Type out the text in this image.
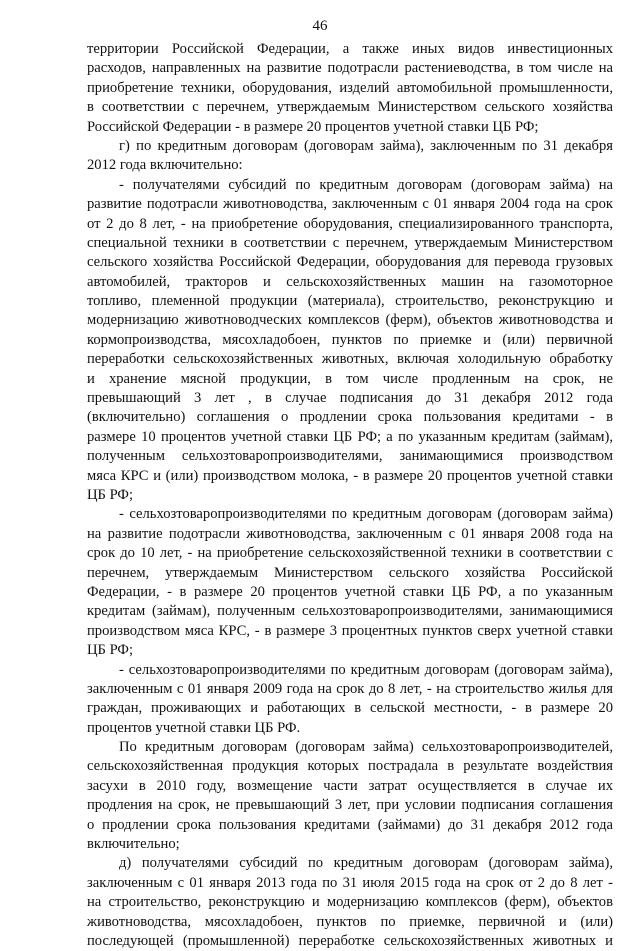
46
территории Российской Федерации, а также иных видов инвестиционных
расходов, направленных на развитие подотрасли растениеводства, в том числе на
приобретение техники, оборудования, изделий автомобильной промышленности,
в соответствии с перечнем, утверждаемым Министерством сельского хозяйства
Российской Федерации - в размере 20 процентов учетной ставки ЦБ РФ;
г) по кредитным договорам (договорам займа), заключенным по 31 декабря
2012 года включительно:
- получателями субсидий по кредитным договорам (договорам займа) на
развитие подотрасли животноводства, заключенным с 01 января 2004 года на срок
от 2 до 8 лет, - на приобретение оборудования, специализированного транспорта,
специальной техники в соответствии с перечнем, утверждаемым Министерством
сельского хозяйства Российской Федерации, оборудования для перевода грузовых
автомобилей, тракторов и сельскохозяйственных машин на газомоторное
топливо, племенной продукции (материала), строительство, реконструкцию и
модернизацию животноводческих комплексов (ферм), объектов животноводства и
кормопроизводства, мясохладобоен, пунктов по приемке и (или) первичной
переработки сельскохозяйственных животных, включая холодильную обработку
и хранение мясной продукции, в том числе продленным на срок, не
превышающий 3 лет , в случае подписания до 31 декабря 2012 года
(включительно) соглашения о продлении срока пользования кредитами - в
размере 10 процентов учетной ставки ЦБ РФ; а по указанным кредитам (займам),
полученным сельхозтоваропроизводителями, занимающимися производством
мяса КРС и (или) производством молока, - в размере 20 процентов учетной ставки
ЦБ РФ;
- сельхозтоваропроизводителями по кредитным договорам (договорам займа)
на развитие подотрасли животноводства, заключенным с 01 января 2008 года на
срок до 10 лет, - на приобретение сельскохозяйственной техники в соответствии с
перечнем, утверждаемым Министерством сельского хозяйства Российской
Федерации, - в размере 20 процентов учетной ставки ЦБ РФ, а по указанным
кредитам (займам), полученным сельхозтоваропроизводителями, занимающимися
производством мяса КРС, - в размере 3 процентных пунктов сверх учетной ставки
ЦБ РФ;
- сельхозтоваропроизводителями по кредитным договорам (договорам займа),
заключенным с 01 января 2009 года на срок до 8 лет, - на строительство жилья для
граждан, проживающих и работающих в сельской местности, - в размере 20
процентов учетной ставки ЦБ РФ.
По кредитным договорам (договорам займа) сельхозтоваропроизводителей,
сельскохозяйственная продукция которых пострадала в результате воздействия
засухи в 2010 году, возмещение части затрат осуществляется в случае их
продления на срок, не превышающий 3 лет, при условии подписания соглашения
о продлении срока пользования кредитами (займами) до 31 декабря 2012 года
включительно;
д) получателями субсидий по кредитным договорам (договорам займа),
заключенным с 01 января 2013 года по 31 июля 2015 года на срок от 2 до 8 лет -
на строительство, реконструкцию и модернизацию комплексов (ферм), объектов
животноводства, мясохладобоен, пунктов по приемке, первичной и (или)
последующей (промышленной) переработке сельскохозяйственных животных и
